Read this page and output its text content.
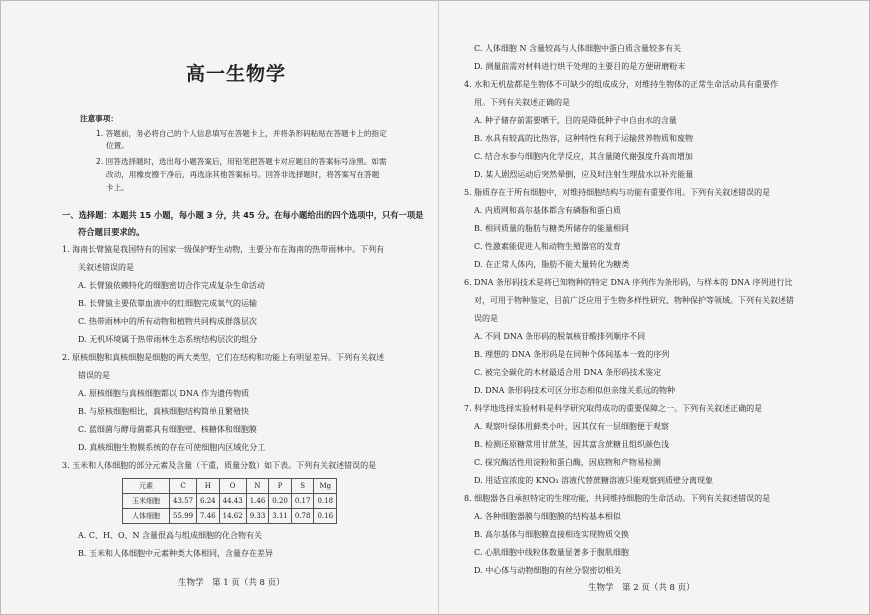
高一生物学
注意事项：
1. 答题前，务必将自己的个人信息填写在答题卡上，并将条形码粘贴在答题卡上的指定
位置。
2. 回答选择题时，选出每小题答案后，用铅笔把答题卡对应题目的答案标号涂黑。如需
改动，用橡皮擦干净后，再选涂其他答案标号。回答非选择题时，将答案写在答题
卡上。
一、选择题：本题共 15 小题，每小题 3 分，共 45 分。在每小题给出的四个选项中，只有一项是
符合题目要求的。
1. 海南长臂猿是我国特有的国家一级保护野生动物，主要分布在海南的热带雨林中。下列有
关叙述错误的是
A. 长臂猿依赖特化的细胞密切合作完成复杂生命活动
B. 长臂猿主要依靠血液中的红细胞完成氧气的运输
C. 热带雨林中的所有动物和植物共同构成群落层次
D. 无机环境属于热带雨林生态系统结构层次的组分
2. 原核细胞和真核细胞是细胞的两大类型，它们在结构和功能上有明显差异。下列有关叙述
错误的是
A. 原核细胞与真核细胞都以 DNA 作为遗传物质
B. 与原核细胞相比，真核细胞结构简单且繁殖快
C. 蓝细菌与酵母菌都具有细胞壁、核糖体和细胞膜
D. 真核细胞生物膜系统的存在可使细胞内区域化分工
3. 玉米和人体细胞的部分元素及含量（干重，质量分数）如下表。下列有关叙述错误的是
元素	C	H	O	N	P	S	Mg
玉米细胞	43.57	6.24	44.43	1.46	0.20	0.17	0.18
人体细胞	55.99	7.46	14.62	9.33	3.11	0.78	0.16
A. C、H、O、N 含量很高与组成细胞的化合物有关
B. 玉米和人体细胞中元素种类大体相同，含量存在差异
生物学　第 1 页（共 8 页）
C. 人体细胞 N 含量较高与人体细胞中蛋白质含量较多有关
D. 测量前需对材料进行烘干处理的主要目的是方便研磨粉末
4. 水和无机盐都是生物体不可缺少的组成成分，对维持生物体的正常生命活动具有重要作
用。下列有关叙述正确的是
A. 种子储存前需要晒干，目的是降低种子中自由水的含量
B. 水具有较高的比热容，这种特性有利于运输营养物质和废物
C. 结合水参与细胞内化学反应，其含量随代谢强度升高而增加
D. 某人剧烈运动后突然晕倒，应及时注射生理盐水以补充能量
5. 脂质存在于所有细胞中，对维持细胞结构与功能有重要作用。下列有关叙述错误的是
A. 内质网和高尔基体都含有磷脂和蛋白质
B. 相同质量的脂肪与糖类所储存的能量相同
C. 性激素能促进人和动物生殖器官的发育
D. 在正常人体内，脂肪不能大量转化为糖类
6. DNA 条形码技术是将已知物种的特定 DNA 序列作为条形码，与样本的 DNA 序列进行比
对，可用于物种鉴定，目前广泛应用于生物多样性研究、物种保护等领域。下列有关叙述错
误的是
A. 不同 DNA 条形码的脱氧核苷酸排列顺序不同
B. 理想的 DNA 条形码是在同种个体间基本一致的序列
C. 被完全碳化的木材最适合用 DNA 条形码技术鉴定
D. DNA 条形码技术可区分形态相似但亲缘关系远的物种
7. 科学地选择实验材料是科学研究取得成功的重要保障之一。下列有关叙述正确的是
A. 观察叶绿体用藓类小叶，因其仅有一层细胞便于观察
B. 检测还原糖常用甘蔗茎，因其富含蔗糖且组织颜色浅
C. 探究酶活性用淀粉和蛋白酶，因底物和产物易检测
D. 用适宜浓度的 KNO₃ 溶液代替蔗糖溶液只能观察到质壁分离现象
8. 细胞器各自承担特定的生理功能，共同维持细胞的生命活动。下列有关叙述错误的是
A. 各种细胞器膜与细胞膜的结构基本相似
B. 高尔基体与细胞膜直接相连实现物质交换
C. 心肌细胞中线粒体数量显著多于腹肌细胞
D. 中心体与动物细胞的有丝分裂密切相关
生物学　第 2 页（共 8 页）
